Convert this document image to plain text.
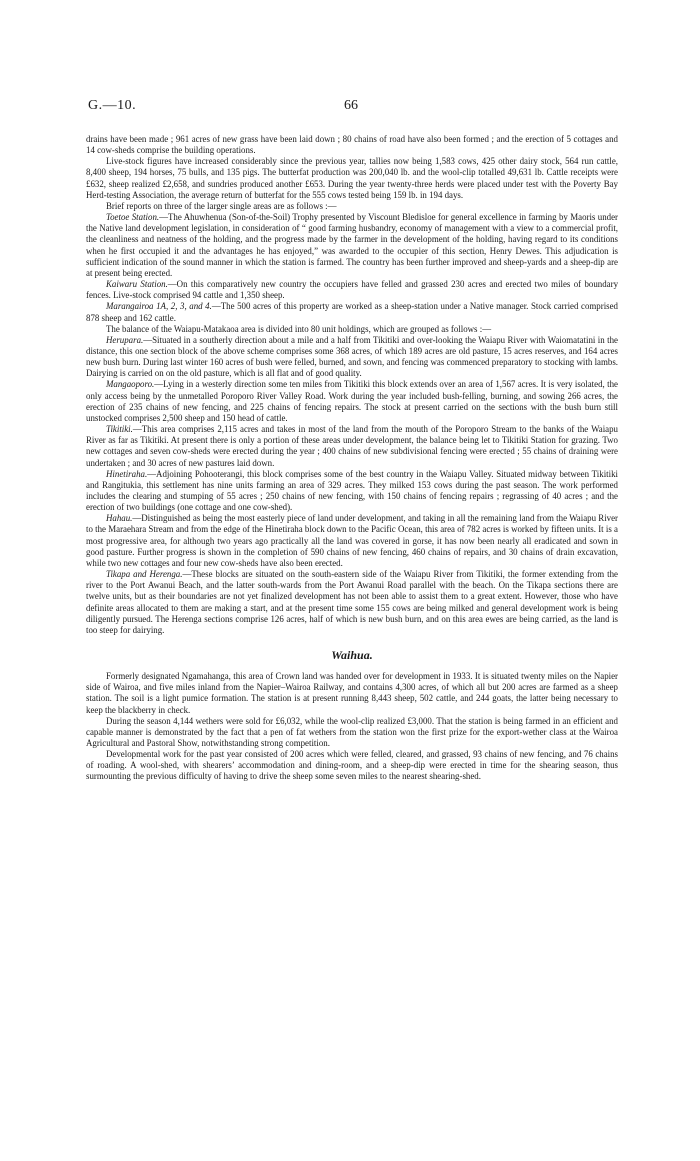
G.—10.	66

drains have been made ; 961 acres of new grass have been laid down ; 80 chains of road have also been formed ; and the erection of 5 cottages and 14 cow-sheds comprise the building operations.

Live-stock figures have increased considerably since the previous year, tallies now being 1,583 cows, 425 other dairy stock, 564 run cattle, 8,400 sheep, 194 horses, 75 bulls, and 135 pigs. The butterfat production was 200,040 lb. and the wool-clip totalled 49,631 lb. Cattle receipts were £632, sheep realized £2,658, and sundries produced another £653. During the year twenty-three herds were placed under test with the Poverty Bay Herd-testing Association, the average return of butterfat for the 555 cows tested being 159 lb. in 194 days.

Brief reports on three of the larger single areas are as follows :—

Toetoe Station.—The Ahuwhenua (Son-of-the-Soil) Trophy presented by Viscount Bledisloe for general excellence in farming by Maoris under the Native land development legislation, in consideration of “ good farming husbandry, economy of management with a view to a commercial profit, the cleanliness and neatness of the holding, and the progress made by the farmer in the development of the holding, having regard to its conditions when he first occupied it and the advantages he has enjoyed,” was awarded to the occupier of this section, Henry Dewes. This adjudication is sufficient indication of the sound manner in which the station is farmed. The country has been further improved and sheep-yards and a sheep-dip are at present being erected.

Kaiwaru Station.—On this comparatively new country the occupiers have felled and grassed 230 acres and erected two miles of boundary fences. Live-stock comprised 94 cattle and 1,350 sheep.

Marangairoa 1A, 2, 3, and 4.—The 500 acres of this property are worked as a sheep-station under a Native manager. Stock carried comprised 878 sheep and 162 cattle.

The balance of the Waiapu-Matakaoa area is divided into 80 unit holdings, which are grouped as follows :—

Herupara.—Situated in a southerly direction about a mile and a half from Tikitiki and over-looking the Waiapu River with Waiomatatini in the distance, this one section block of the above scheme comprises some 368 acres, of which 189 acres are old pasture, 15 acres reserves, and 164 acres new bush burn. During last winter 160 acres of bush were felled, burned, and sown, and fencing was commenced preparatory to stocking with lambs. Dairying is carried on on the old pasture, which is all flat and of good quality.

Mangaoporo.—Lying in a westerly direction some ten miles from Tikitiki this block extends over an area of 1,567 acres. It is very isolated, the only access being by the unmetalled Poroporo River Valley Road. Work during the year included bush-felling, burning, and sowing 266 acres, the erection of 235 chains of new fencing, and 225 chains of fencing repairs. The stock at present carried on the sections with the bush burn still unstocked comprises 2,500 sheep and 150 head of cattle.

Tikitiki.—This area comprises 2,115 acres and takes in most of the land from the mouth of the Poroporo Stream to the banks of the Waiapu River as far as Tikitiki. At present there is only a portion of these areas under development, the balance being let to Tikitiki Station for grazing. Two new cottages and seven cow-sheds were erected during the year ; 400 chains of new subdivisional fencing were erected ; 55 chains of draining were undertaken ; and 30 acres of new pastures laid down.

Hinetiraha.—Adjoining Pohooterangi, this block comprises some of the best country in the Waiapu Valley. Situated midway between Tikitiki and Rangitukia, this settlement has nine units farming an area of 329 acres. They milked 153 cows during the past season. The work performed includes the clearing and stumping of 55 acres ; 250 chains of new fencing, with 150 chains of fencing repairs ; regrassing of 40 acres ; and the erection of two buildings (one cottage and one cow-shed).

Hahau.—Distinguished as being the most easterly piece of land under development, and taking in all the remaining land from the Waiapu River to the Maraehara Stream and from the edge of the Hinetiraha block down to the Pacific Ocean, this area of 782 acres is worked by fifteen units. It is a most progressive area, for although two years ago practically all the land was covered in gorse, it has now been nearly all eradicated and sown in good pasture. Further progress is shown in the completion of 590 chains of new fencing, 460 chains of repairs, and 30 chains of drain excavation, while two new cottages and four new cow-sheds have also been erected.

Tikapa and Herenga.—These blocks are situated on the south-eastern side of the Waiapu River from Tikitiki, the former extending from the river to the Port Awanui Beach, and the latter south-wards from the Port Awanui Road parallel with the beach. On the Tikapa sections there are twelve units, but as their boundaries are not yet finalized development has not been able to assist them to a great extent. However, those who have definite areas allocated to them are making a start, and at the present time some 155 cows are being milked and general development work is being diligently pursued. The Herenga sections comprise 126 acres, half of which is new bush burn, and on this area ewes are being carried, as the land is too steep for dairying.

Waihua.

Formerly designated Ngamahanga, this area of Crown land was handed over for development in 1933. It is situated twenty miles on the Napier side of Wairoa, and five miles inland from the Napier–Wairoa Railway, and contains 4,300 acres, of which all but 200 acres are farmed as a sheep station. The soil is a light pumice formation. The station is at present running 8,443 sheep, 502 cattle, and 244 goats, the latter being necessary to keep the blackberry in check.

During the season 4,144 wethers were sold for £6,032, while the wool-clip realized £3,000. That the station is being farmed in an efficient and capable manner is demonstrated by the fact that a pen of fat wethers from the station won the first prize for the export-wether class at the Wairoa Agricultural and Pastoral Show, notwithstanding strong competition.

Developmental work for the past year consisted of 200 acres which were felled, cleared, and grassed, 93 chains of new fencing, and 76 chains of roading. A wool-shed, with shearers’ accommodation and dining-room, and a sheep-dip were erected in time for the shearing season, thus surmounting the previous difficulty of having to drive the sheep some seven miles to the nearest shearing-shed.
